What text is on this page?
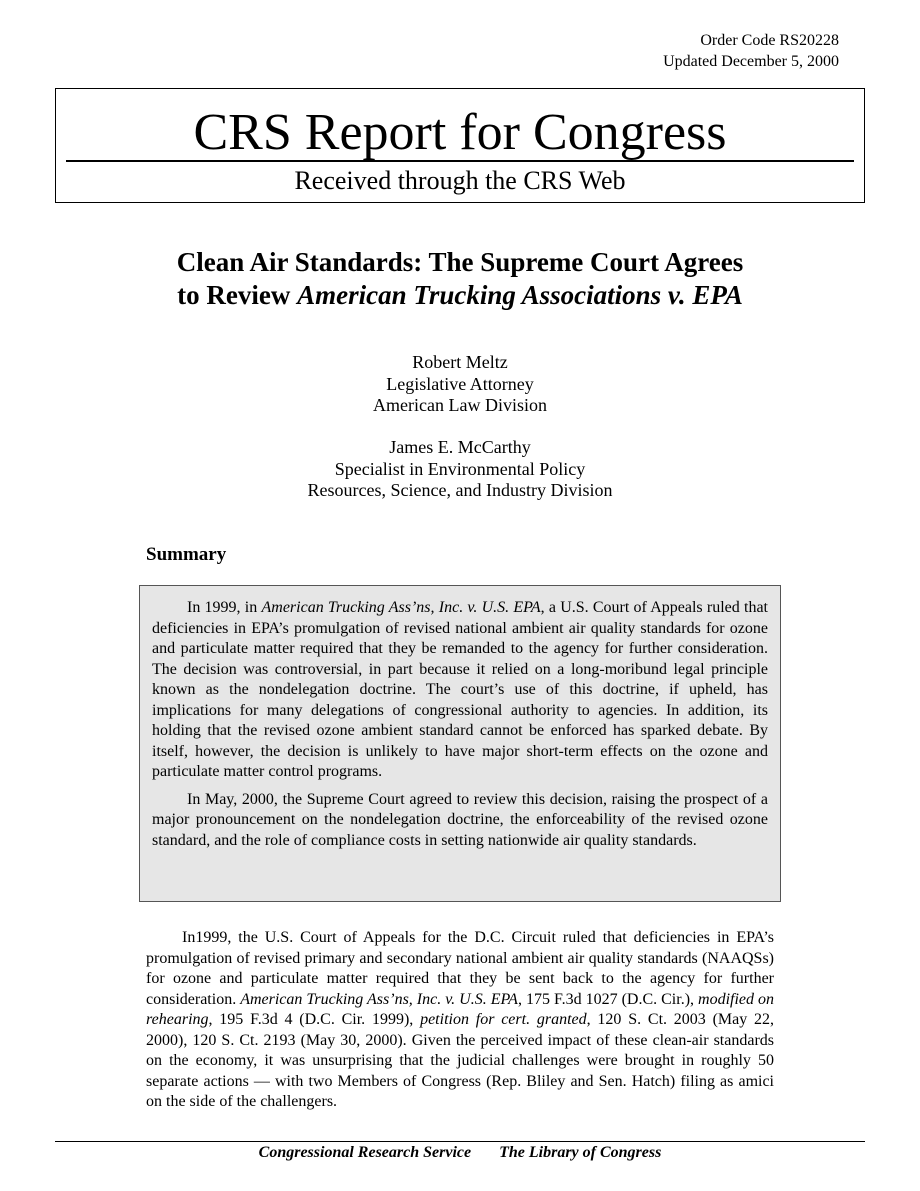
Order Code RS20228
Updated December 5, 2000
CRS Report for Congress
Received through the CRS Web
Clean Air Standards: The Supreme Court Agrees
to Review American Trucking Associations v. EPA
Robert Meltz
Legislative Attorney
American Law Division
James E. McCarthy
Specialist in Environmental Policy
Resources, Science, and Industry Division
Summary

In 1999, in American Trucking Ass’ns, Inc. v. U.S. EPA, a U.S. Court of Appeals ruled that deficiencies in EPA’s promulgation of revised national ambient air quality standards for ozone and particulate matter required that they be remanded to the agency for further consideration. The decision was controversial, in part because it relied on a long-moribund legal principle known as the nondelegation doctrine. The court’s use of this doctrine, if upheld, has implications for many delegations of congressional authority to agencies. In addition, its holding that the revised ozone ambient standard cannot be enforced has sparked debate. By itself, however, the decision is unlikely to have major short-term effects on the ozone and particulate matter control programs.

In May, 2000, the Supreme Court agreed to review this decision, raising the prospect of a major pronouncement on the nondelegation doctrine, the enforceability of the revised ozone standard, and the role of compliance costs in setting nationwide air quality standards.

In1999, the U.S. Court of Appeals for the D.C. Circuit ruled that deficiencies in EPA’s promulgation of revised primary and secondary national ambient air quality standards (NAAQSs) for ozone and particulate matter required that they be sent back to the agency for further consideration. American Trucking Ass’ns, Inc. v. U.S. EPA, 175 F.3d 1027 (D.C. Cir.), modified on rehearing, 195 F.3d 4 (D.C. Cir. 1999), petition for cert. granted, 120 S. Ct. 2003 (May 22, 2000), 120 S. Ct. 2193 (May 30, 2000). Given the perceived impact of these clean-air standards on the economy, it was unsurprising that the judicial challenges were brought in roughly 50 separate actions — with two Members of Congress (Rep. Bliley and Sen. Hatch) filing as amici on the side of the challengers.

Congressional Research Service The Library of Congress
